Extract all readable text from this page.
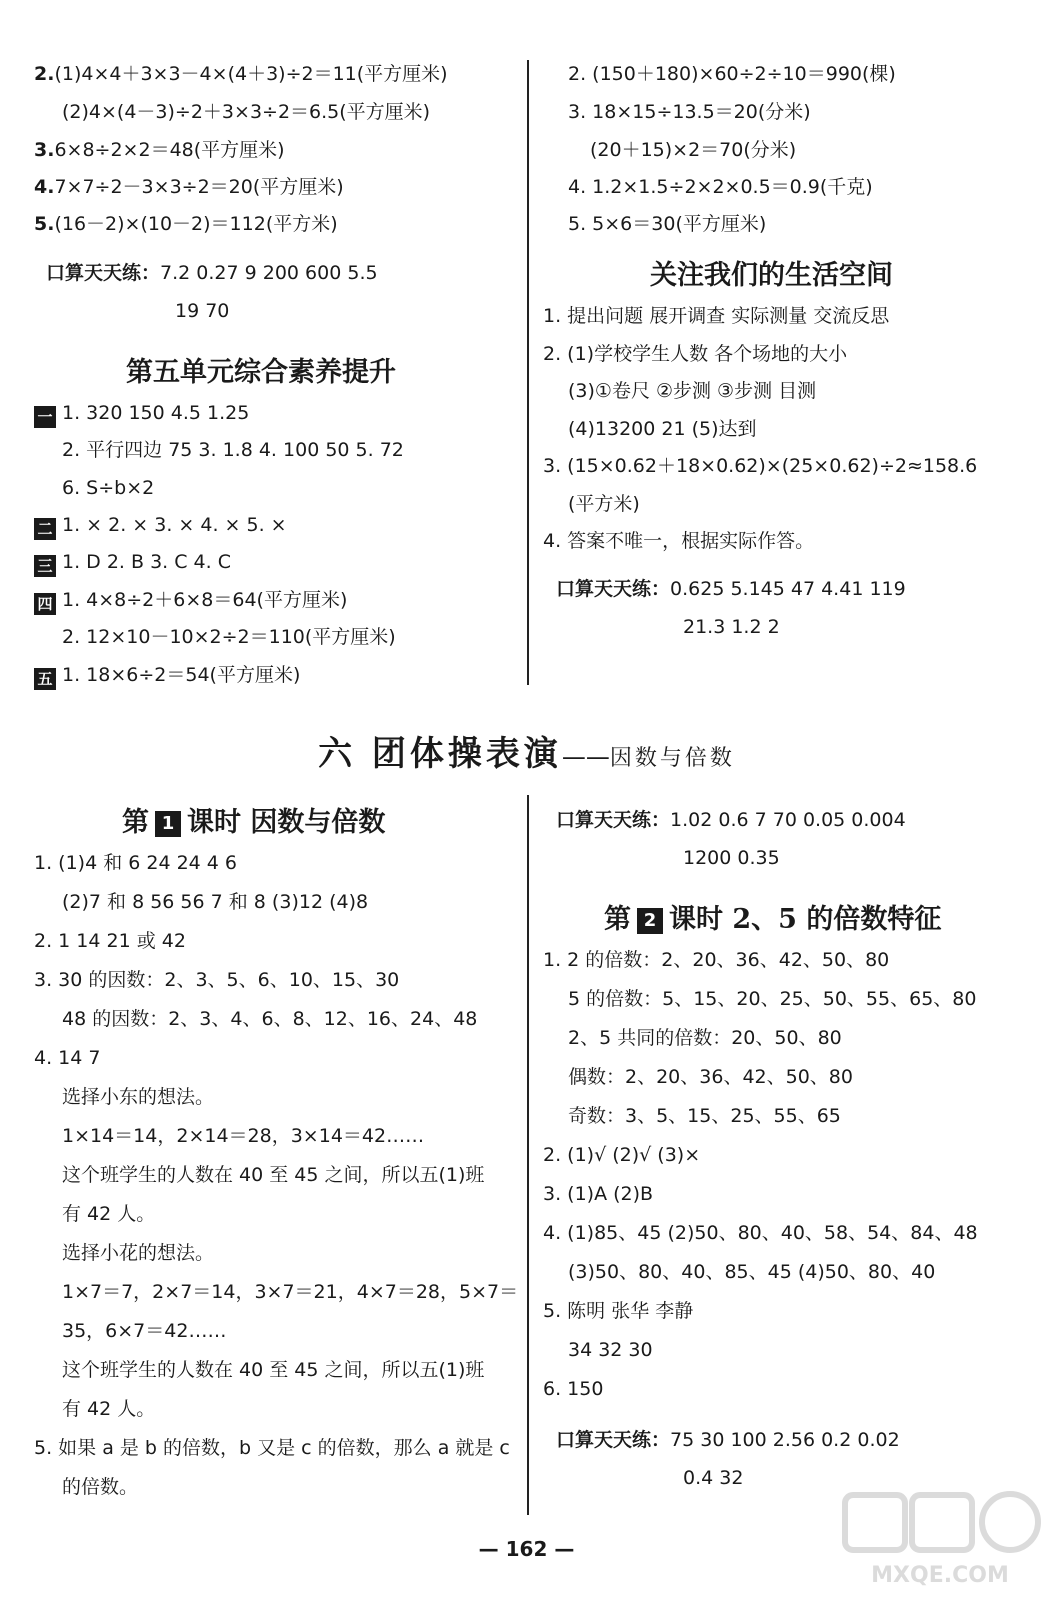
2.(1)4×4＋3×3－4×(4＋3)÷2＝11(平方厘米)
(2)4×(4－3)÷2＋3×3÷2＝6.5(平方厘米)
3.6×8÷2×2＝48(平方厘米)
4.7×7÷2－3×3÷2＝20(平方厘米)
5.(16－2)×(10－2)＝112(平方米)
口算天天练：7.2 0.27 9 200 600 5.5
19 70
第五单元综合素养提升
一 1. 320 150 4.5 1.25
2. 平行四边 75 3. 1.8 4. 100 50 5. 72
6. S÷b×2
二 1. × 2. × 3. × 4. × 5. ×
三 1. D 2. B 3. C 4. C
四 1. 4×8÷2＋6×8＝64(平方厘米)
2. 12×10－10×2÷2＝110(平方厘米)
五 1. 18×6÷2＝54(平方厘米)
2. (150＋180)×60÷2÷10＝990(棵)
3. 18×15÷13.5＝20(分米)
(20＋15)×2＝70(分米)
4. 1.2×1.5÷2×2×0.5＝0.9(千克)
5. 5×6＝30(平方厘米)
关注我们的生活空间
1. 提出问题 展开调查 实际测量 交流反思
2. (1)学校学生人数 各个场地的大小
(3)①卷尺 ②步测 ③步测 目测
(4)13200 21 (5)达到
3. (15×0.62＋18×0.62)×(25×0.62)÷2≈158.6
(平方米)
4. 答案不唯一，根据实际作答。
口算天天练：0.625 5.145 47 4.41 119
21.3 1.2 2
六 团体操表演——因数与倍数
第 1 课时 因数与倍数
1. (1)4 和 6 24 24 4 6
(2)7 和 8 56 56 7 和 8 (3)12 (4)8
2. 1 14 21 或 42
3. 30 的因数：2、3、5、6、10、15、30
48 的因数：2、3、4、6、8、12、16、24、48
4. 14 7
选择小东的想法。
1×14＝14，2×14＝28，3×14＝42……
这个班学生的人数在 40 至 45 之间，所以五(1)班
有 42 人。
选择小花的想法。
1×7＝7，2×7＝14，3×7＝21，4×7＝28，5×7＝
35，6×7＝42……
这个班学生的人数在 40 至 45 之间，所以五(1)班
有 42 人。
5. 如果 a 是 b 的倍数，b 又是 c 的倍数，那么 a 就是 c
的倍数。
口算天天练：1.02 0.6 7 70 0.05 0.004
1200 0.35
第 2 课时 2、5 的倍数特征
1. 2 的倍数：2、20、36、42、50、80
5 的倍数：5、15、20、25、50、55、65、80
2、5 共同的倍数：20、50、80
偶数：2、20、36、42、50、80
奇数：3、5、15、25、55、65
2. (1)√ (2)√ (3)×
3. (1)A (2)B
4. (1)85、45 (2)50、80、40、58、54、84、48
(3)50、80、40、85、45 (4)50、80、40
5. 陈明 张华 李静
34 32 30
6. 150
口算天天练：75 30 100 2.56 0.2 0.02
0.4 32
— 162 —
MXQE.COM
